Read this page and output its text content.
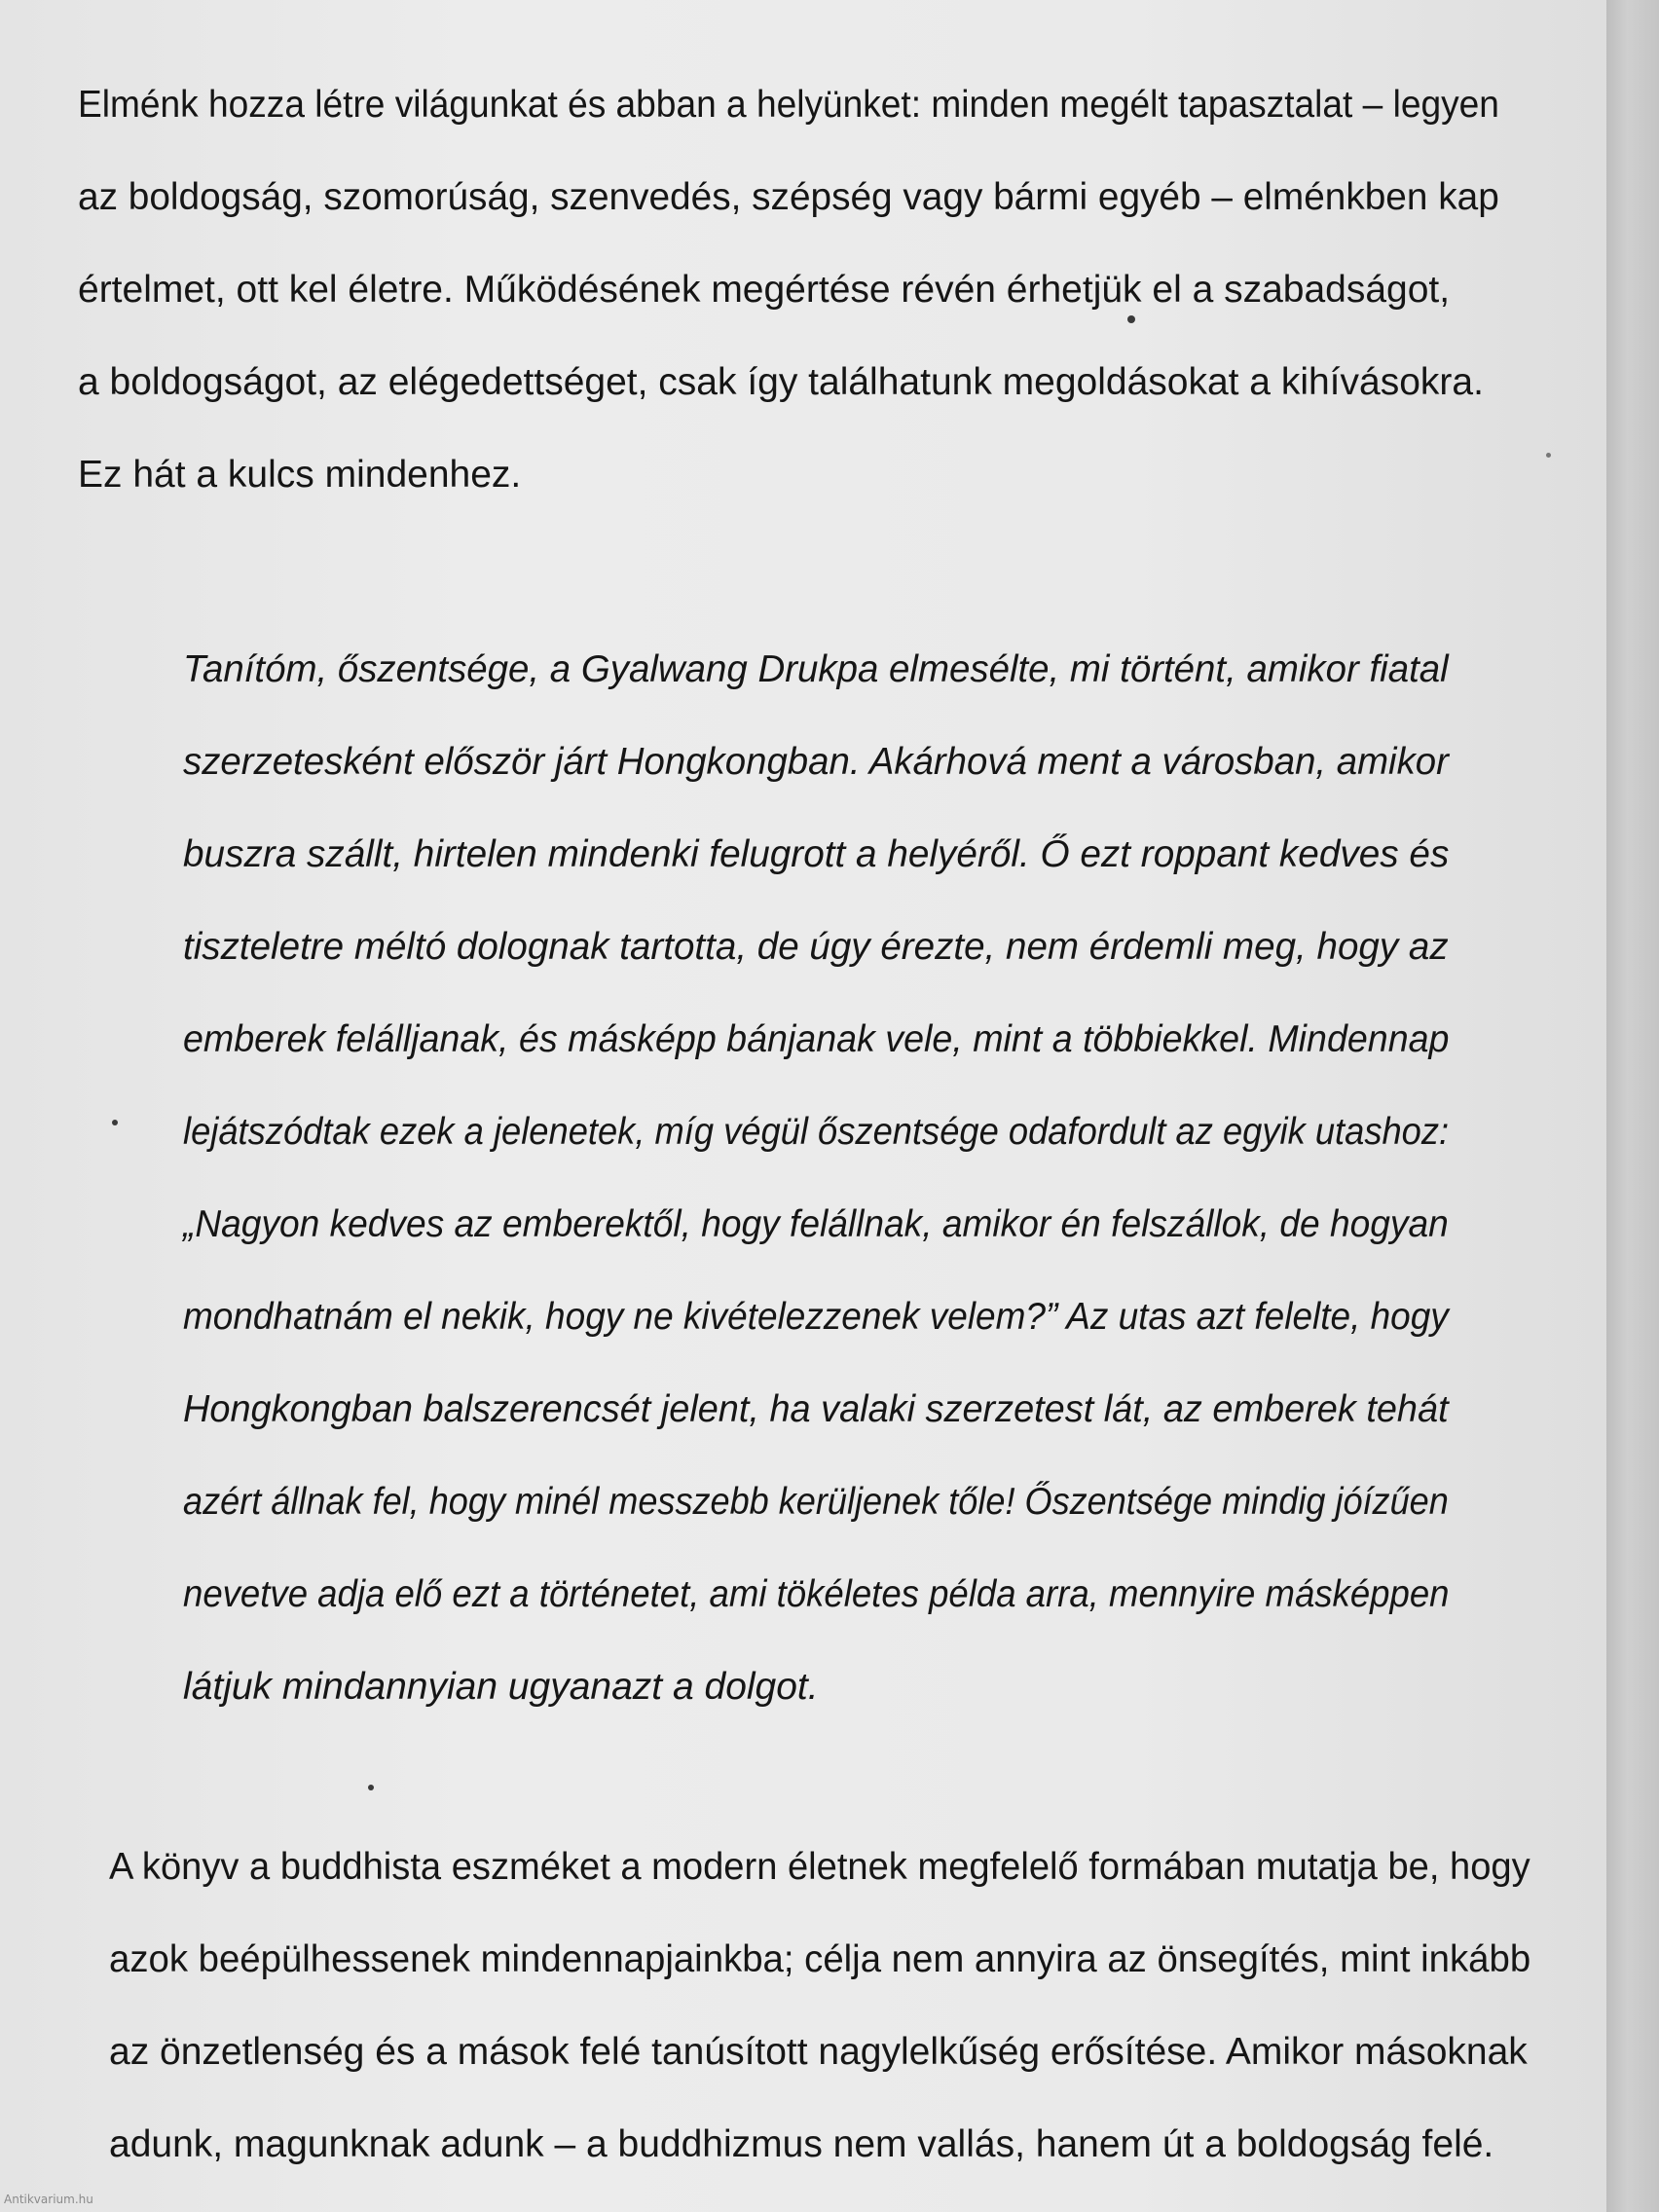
Elménk hozza létre világunkat és abban a helyünket: minden megélt tapasztalat – legyen
az boldogság, szomorúság, szenvedés, szépség vagy bármi egyéb – elménkben kap
értelmet, ott kel életre. Működésének megértése révén érhetjük el a szabadságot,
a boldogságot, az elégedettséget, csak így találhatunk megoldásokat a kihívásokra.
Ez hát a kulcs mindenhez.
Tanítóm, őszentsége, a Gyalwang Drukpa elmesélte, mi történt, amikor fiatal
szerzetesként először járt Hongkongban. Akárhová ment a városban, amikor
buszra szállt, hirtelen mindenki felugrott a helyéről. Ő ezt roppant kedves és
tiszteletre méltó dolognak tartotta, de úgy érezte, nem érdemli meg, hogy az
emberek felálljanak, és másképp bánjanak vele, mint a többiekkel. Mindennap
lejátszódtak ezek a jelenetek, míg végül őszentsége odafordult az egyik utashoz:
„Nagyon kedves az emberektől, hogy felállnak, amikor én felszállok, de hogyan
mondhatnám el nekik, hogy ne kivételezzenek velem?” Az utas azt felelte, hogy
Hongkongban balszerencsét jelent, ha valaki szerzetest lát, az emberek tehát
azért állnak fel, hogy minél messzebb kerüljenek tőle! Őszentsége mindig jóízűen
nevetve adja elő ezt a történetet, ami tökéletes példa arra, mennyire másképpen
látjuk mindannyian ugyanazt a dolgot.
A könyv a buddhista eszméket a modern életnek megfelelő formában mutatja be, hogy
azok beépülhessenek mindennapjainkba; célja nem annyira az önsegítés, mint inkább
az önzetlenség és a mások felé tanúsított nagylelkűség erősítése. Amikor másoknak
adunk, magunknak adunk – a buddhizmus nem vallás, hanem út a boldogság felé.
Antikvarium.hu
